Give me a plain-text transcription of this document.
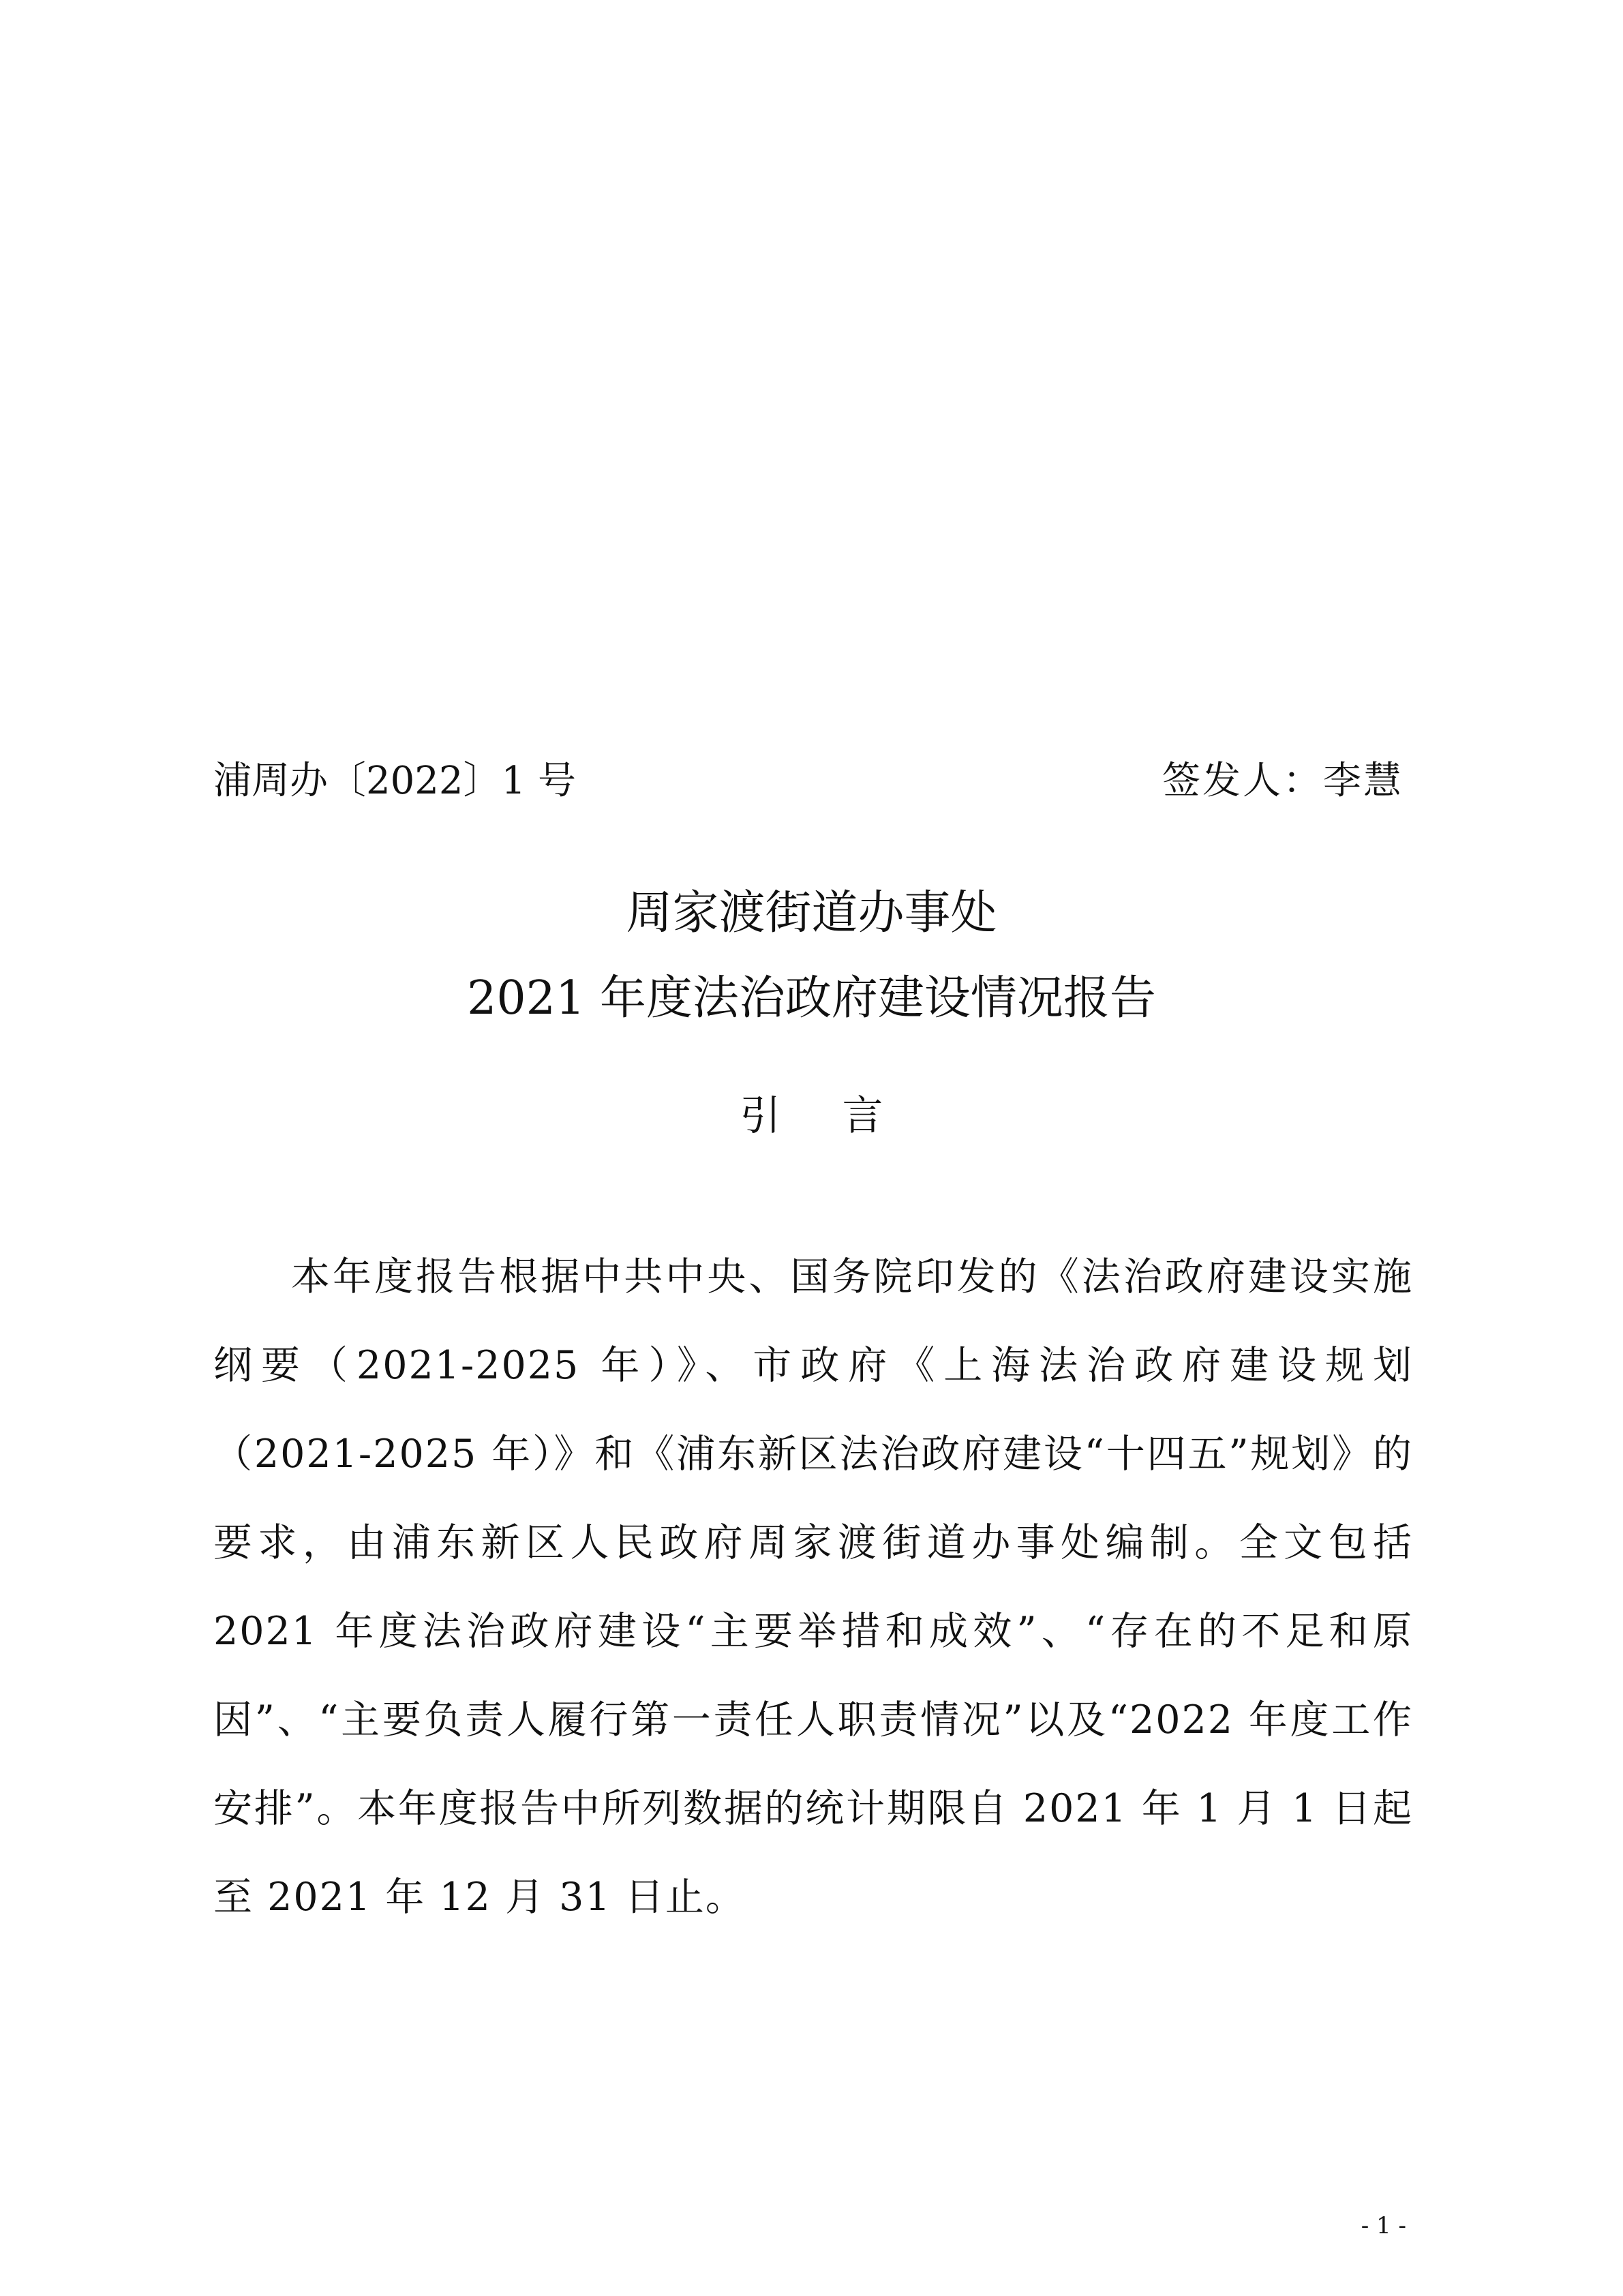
浦周办〔2022〕1 号	签发人：李慧
周家渡街道办事处
2021 年度法治政府建设情况报告
引言

本年度报告根据中共中央、国务院印发的《法治政府建设实施纲要（2021-2025 年）》、市政府《上海法治政府建设规划（2021-2025 年）》和《浦东新区法治政府建设“十四五”规划》的要求，由浦东新区人民政府周家渡街道办事处编制。全文包括 2021 年度法治政府建设“主要举措和成效”、“存在的不足和原因”、“主要负责人履行第一责任人职责情况”以及“2022 年度工作安排”。本年度报告中所列数据的统计期限自 2021 年 1 月 1 日起至 2021 年 12 月 31 日止。

- 1 -
